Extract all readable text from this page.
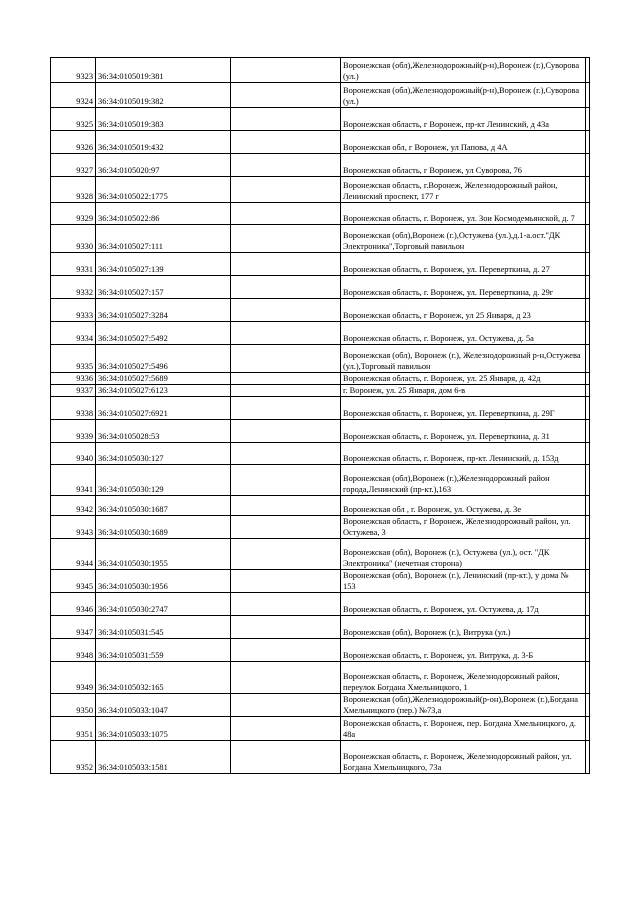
9323	36:34:0105019:381		Воронежская (обл),Железнодорожный(р-н),Воронеж (г.),Суворова (ул.)	
9324	36:34:0105019:382		Воронежская (обл),Железнодорожный(р-н),Воронеж (г.),Суворова (ул.)	
9325	36:34:0105019:383		Воронежская область, г Воронеж, пр-кт Ленинский, д 43а	
9326	36:34:0105019:432		Воронежская обл, г Воронеж, ул Папова, д 4А	
9327	36:34:0105020:97		Воронежская область, г Воронеж, ул Суворова, 76	
9328	36:34:0105022:1775		Воронежская область, г.Воронеж, Железнодорожный район, Ленинский проспект, 177 г	
9329	36:34:0105022:86		Воронежская область, г. Воронеж, ул. Зои Космодемьянской, д. 7	
9330	36:34:0105027:111		Воронежская (обл),Воронеж (г.),Остужева (ул.),д.1-а.ост."ДК Электроника",Торговый павильон	
9331	36:34:0105027:139		Воронежская область, г. Воронеж, ул. Переверткина, д. 27	
9332	36:34:0105027:157		Воронежская область, г. Воронеж, ул. Переверткина, д. 29г	
9333	36:34:0105027:3284		Воронежская область, г Воронеж, ул 25 Января, д 23	
9334	36:34:0105027:5492		Воронежская область, г. Воронеж, ул. Остужева, д. 5а	
9335	36:34:0105027:5496		Воронежская (обл), Воронеж (г.), Железнодорожный р-н,Остужева (ул.),Торговый павильон	
9336	36:34:0105027:5689		Воронежская область, г. Воронеж, ул. 25 Января, д. 42д	
9337	36:34:0105027:6123		г. Воронеж, ул. 25 Января, дом 6-в	
9338	36:34:0105027:6921		Воронежская область, г. Воронеж, ул. Переверткина, д. 29Г	
9339	36:34:0105028:53		Воронежская область, г. Воронеж, ул. Переверткина, д. 31	
9340	36:34:0105030:127		Воронежская область, г. Воронеж, пр-кт. Ленинский, д. 153д	
9341	36:34:0105030:129		Воронежская (обл),Воронеж (г.),Железнодорожный район города,Ленинский (пр-кт.),163	
9342	36:34:0105030:1687		Воронежская обл , г. Воронеж, ул. Остужева, д. 3е	
9343	36:34:0105030:1689		Воронежская область, г Воронеж, Железнодорожный район, ул. Остужева, 3	
9344	36:34:0105030:1955		Воронежская (обл), Воронеж (г.), Остужева (ул.), ост. "ДК Электроника" (нечетная сторона)	
9345	36:34:0105030:1956		Воронежская (обл), Воронеж (г.), Ленинский (пр-кт.), у дома № 153	
9346	36:34:0105030:2747		Воронежская область, г. Воронеж, ул. Остужева, д. 17д	
9347	36:34:0105031:545		Воронежская (обл), Воронеж (г.), Витрука (ул.)	
9348	36:34:0105031:559		Воронежская область, г. Воронеж, ул. Витрука, д. 3-Б	
9349	36:34:0105032:165		Воронежская область, г. Воронеж, Железнодорожный район, переулок Богдана Хмельницкого, 1	
9350	36:34:0105033:1047		Воронежская (обл),Железнодорожный(р-он),Воронеж (г.),Богдана Хмельницкого (пер.) №73,а	
9351	36:34:0105033:1075		Воронежская область, г. Воронеж, пер. Богдана Хмельницкого, д. 48а	
9352	36:34:0105033:1581		Воронежская область, г. Воронеж, Железнодорожный район, ул. Богдана Хмельницкого, 73а	
